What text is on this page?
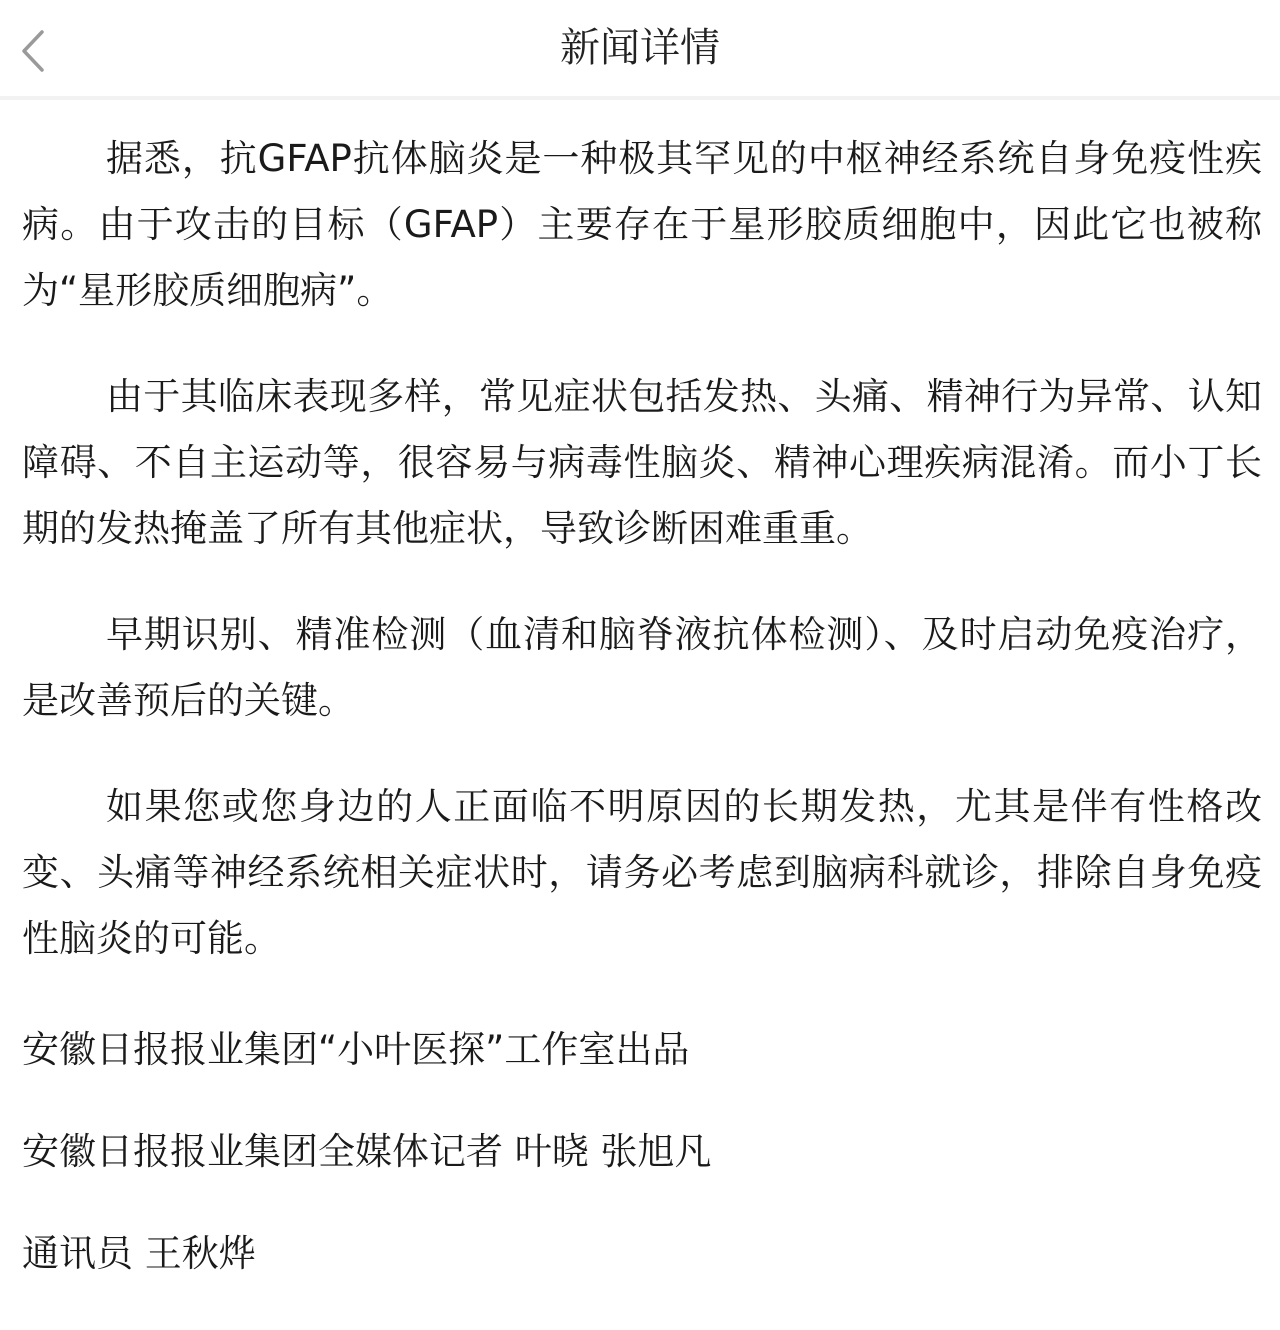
新闻详情

据悉，抗GFAP抗体脑炎是一种极其罕见的中枢神经系统自身免疫性疾病。由于攻击的目标（GFAP）主要存在于星形胶质细胞中，因此它也被称为“星形胶质细胞病”。

由于其临床表现多样，常见症状包括发热、头痛、精神行为异常、认知障碍、不自主运动等，很容易与病毒性脑炎、精神心理疾病混淆。而小丁长期的发热掩盖了所有其他症状，导致诊断困难重重。

早期识别、精准检测（血清和脑脊液抗体检测）、及时启动免疫治疗，是改善预后的关键。

如果您或您身边的人正面临不明原因的长期发热，尤其是伴有性格改变、头痛等神经系统相关症状时，请务必考虑到脑病科就诊，排除自身免疫性脑炎的可能。

安徽日报报业集团“小叶医探”工作室出品

安徽日报报业集团全媒体记者 叶晓 张旭凡

通讯员 王秋烨
